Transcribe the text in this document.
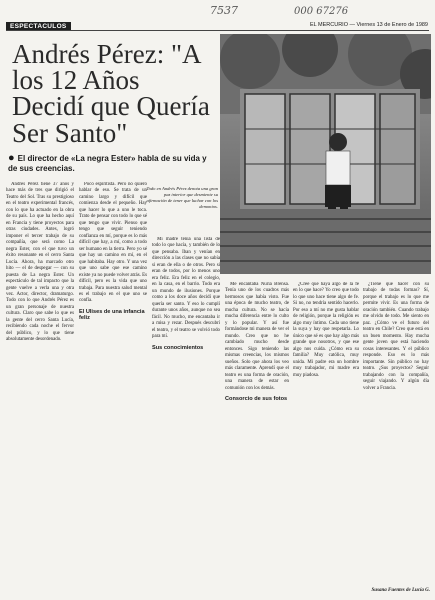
7537	000 67276
ESPECTACULOS	EL MERCURIO — Viernes 13 de Enero de 1989
Andrés Pérez: "A los 12 Años Decidí que Quería Ser Santo"
● El director de «La negra Ester» habla de su vida y de sus creencias.
Todo en Andrés Pérez denota una gran paz interior que desmiente su afirmación de tener que luchar con los demonios.

Andrés Pérez tiene 37 años y hace más de tres que dirigió el Teatro del Sol. Tras su prestigioso en el teatro experimental francés, con lo que ha actuado en la obra de su país. Lo que ha hecho aquí en Francia y tiene proyectos para otras ciudades. Antes, logró imponer el tercer trabajo de su compañía, que será como La negra Ester, con el que tuvo un éxito resonante en el cerro Santa Lucía. Ahora, ha marcado otro hito — el de despegar — con su puesta de La negra Ester. Un espectáculo de tal impacto que la gente vuelve a verla una y otra vez. Actor, director, dramaturgo. Todo con lo que Andrés Pérez es un gran personaje de nuestra cultura. Claro que sabe lo que es la gente del cerro Santa Lucía, recibiendo cada noche el fervor del público, y lo que tiene absolutamente desordenado.

Poco espiritista. Pero no quiero hablar de eso. Se trata de un camino largo y difícil que comienza desde el pequeño. Hay que hacer lo que a uno le toca. Trato de pensar con todo lo que sé que tengo que vivir. Pienso que tengo que seguir teniendo confianza en mí, porque es lo más difícil que hay, a mí, como a todo ser humano en la tierra. Pero yo sé que hay un camino en mí, en el que habitaba. Hay otro. Y una vez que uno sabe que ese camino existe ya no puede volver atrás. Es difícil, pero es la vida que uno trabaja. Para nuestra salud mental es el trabajo en el que uno se confía.

El Ulises de una infancia feliz

Mi madre tenía una lista de todo lo que hacía, y también de lo que pensaba. Iban y venían en dirección a las clases que no sabía si eran de ella o de otros. Pero si eran de todos, por lo menos uno era feliz. Era feliz en el colegio, en la casa, en el barrio. Todo era un mundo de ilusiones. Porque como a los doce años decidí que quería ser santo. Y eso lo cumplí durante unos años, aunque no sea fácil. No mucho, me encantaba ir a misa y rezar. Después descubrí el teatro, y el teatro se volvió todo para mí.

Sus conocimientos

Me encantaba Nuria Brensa. Tenía uno de los cuadros más hermosos que había visto. Fue una época de mucho teatro, de mucha cultura. No se hacía mucha diferencia entre lo culto y lo popular. Y así fue formándose mi manera de ver el mundo. Creo que no he cambiado mucho desde entonces. Sigo teniendo las mismas creencias, los mismos sueños. Solo que ahora los veo más claramente. Aprendí que el teatro es una forma de oración, una manera de estar en comunión con los demás.

Consorcio de sus fotos

¿Cree que haya algo de la fe en lo que hace? Yo creo que todo lo que uno hace tiene algo de fe. Si no, no tendría sentido hacerlo. Por eso a mí no me gusta hablar de religión, porque la religión es algo muy íntimo. Cada uno tiene la suya y hay que respetarla. Lo único que sé es que hay algo más grande que nosotros, y que ese algo nos cuida. ¿Cómo era su familia? Muy católica, muy unida. Mi padre era un hombre muy trabajador, mi madre era muy piadosa.

¿Tiene que hacer con su trabajo de todas formas? Sí, porque el trabajo es lo que me permite vivir. Es una forma de oración también. Cuando trabajo me olvido de todo. Me siento en paz. ¿Cómo ve el futuro del teatro en Chile? Creo que está en un buen momento. Hay mucha gente joven que está haciendo cosas interesantes. Y el público responde. Eso es lo más importante. Sin público no hay teatro. ¿Sus proyectos? Seguir trabajando con la compañía, seguir viajando. Y algún día volver a Francia.

Susana Fuentes de Lucía G.
